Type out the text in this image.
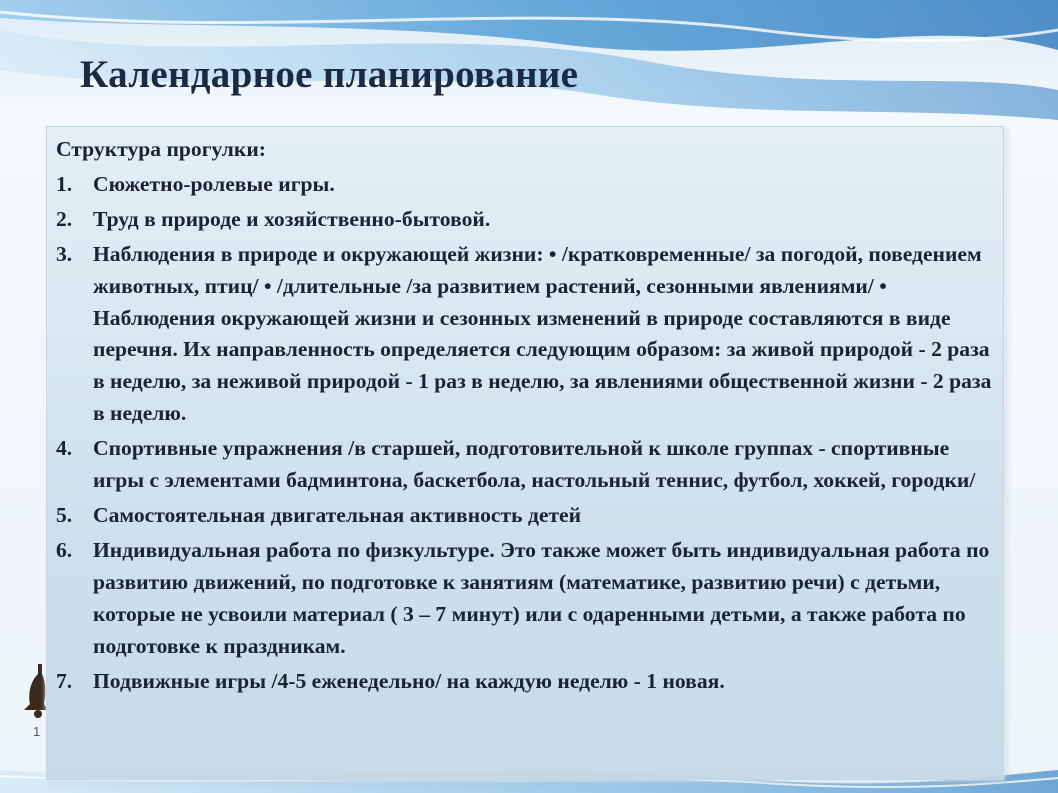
1
Календарное планирование

Структура прогулки:

1. Сюжетно-ролевые игры.
2. Труд в природе и хозяйственно-бытовой.
3. Наблюдения в природе и окружающей жизни: • /кратковременные/ за погодой, поведением животных, птиц/ • /длительные /за развитием растений, сезонными явлениями/ • Наблюдения окружающей жизни и сезонных изменений в природе составляются в виде перечня. Их направленность определяется следующим образом: за живой природой - 2 раза в неделю, за неживой природой - 1 раз в неделю, за явлениями общественной жизни - 2 раза в неделю.
4. Спортивные упражнения /в старшей, подготовительной к школе группах - спортивные игры с элементами бадминтона, баскетбола, настольный теннис, футбол, хоккей, городки/
5. Самостоятельная двигательная активность детей
6. Индивидуальная работа по физкультуре. Это также может быть индивидуальная работа по развитию движений, по подготовке к занятиям (математике, развитию речи) с детьми, которые не усвоили материал ( 3 – 7 минут) или с одаренными детьми, а также работа по подготовке к праздникам.
7. Подвижные игры /4-5 еженедельно/ на каждую неделю - 1 новая.
